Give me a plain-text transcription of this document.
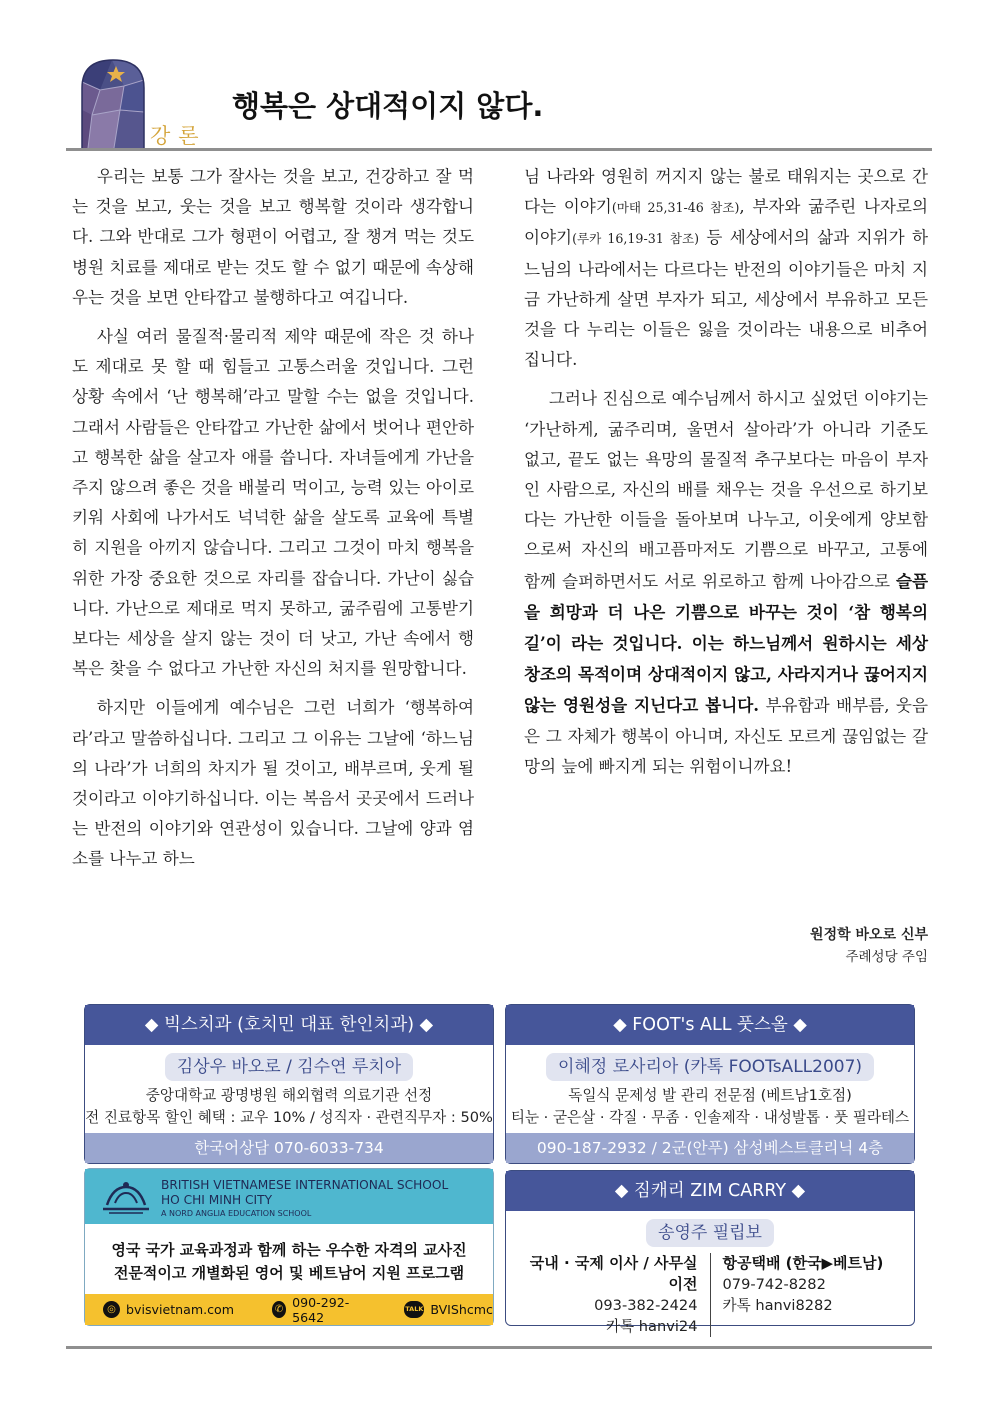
강론
행복은 상대적이지 않다.

우리는 보통 그가 잘사는 것을 보고, 건강하고 잘 먹는 것을 보고, 웃는 것을 보고 행복할 것이라 생각합니다. 그와 반대로 그가 형편이 어렵고, 잘 챙겨 먹는 것도 병원 치료를 제대로 받는 것도 할 수 없기 때문에 속상해 우는 것을 보면 안타깝고 불행하다고 여깁니다.

사실 여러 물질적·물리적 제약 때문에 작은 것 하나도 제대로 못 할 때 힘들고 고통스러울 것입니다. 그런 상황 속에서 ‘난 행복해’라고 말할 수는 없을 것입니다. 그래서 사람들은 안타깝고 가난한 삶에서 벗어나 편안하고 행복한 삶을 살고자 애를 씁니다. 자녀들에게 가난을 주지 않으려 좋은 것을 배불리 먹이고, 능력 있는 아이로 키워 사회에 나가서도 넉넉한 삶을 살도록 교육에 특별히 지원을 아끼지 않습니다. 그리고 그것이 마치 행복을 위한 가장 중요한 것으로 자리를 잡습니다. 가난이 싫습니다. 가난으로 제대로 먹지 못하고, 굶주림에 고통받기보다는 세상을 살지 않는 것이 더 낫고, 가난 속에서 행복은 찾을 수 없다고 가난한 자신의 처지를 원망합니다.

하지만 이들에게 예수님은 그런 너희가 ‘행복하여라’라고 말씀하십니다. 그리고 그 이유는 그날에 ‘하느님의 나라’가 너희의 차지가 될 것이고, 배부르며, 웃게 될 것이라고 이야기하십니다. 이는 복음서 곳곳에서 드러나는 반전의 이야기와 연관성이 있습니다. 그날에 양과 염소를 나누고 하느

님 나라와 영원히 꺼지지 않는 불로 태워지는 곳으로 간다는 이야기(마태 25,31-46 참조), 부자와 굶주린 나자로의 이야기(루카 16,19-31 참조) 등 세상에서의 삶과 지위가 하느님의 나라에서는 다르다는 반전의 이야기들은 마치 지금 가난하게 살면 부자가 되고, 세상에서 부유하고 모든 것을 다 누리는 이들은 잃을 것이라는 내용으로 비추어 집니다.

그러나 진심으로 예수님께서 하시고 싶었던 이야기는 ‘가난하게, 굶주리며, 울면서 살아라’가 아니라 기준도 없고, 끝도 없는 욕망의 물질적 추구보다는 마음이 부자인 사람으로, 자신의 배를 채우는 것을 우선으로 하기보다는 가난한 이들을 돌아보며 나누고, 이웃에게 양보함으로써 자신의 배고픔마저도 기쁨으로 바꾸고, 고통에 함께 슬퍼하면서도 서로 위로하고 함께 나아감으로 슬픔을 희망과 더 나은 기쁨으로 바꾸는 것이 ‘참 행복의 길’이 라는 것입니다. 이는 하느님께서 원하시는 세상 창조의 목적이며 상대적이지 않고, 사라지거나 끊어지지 않는 영원성을 지닌다고 봅니다. 부유함과 배부름, 웃음은 그 자체가 행복이 아니며, 자신도 모르게 끊임없는 갈망의 늪에 빠지게 되는 위험이니까요!

원정학 바오로 신부
주례성당 주임
◆ 빅스치과 (호치민 대표 한인치과) ◆
김상우 바오로 / 김수연 루치아
중앙대학교 광명병원 해외협력 의료기관 선정
전 진료항목 할인 혜택 : 교우 10% / 성직자 · 관련직무자 : 50%
한국어상담 070-6033-734
◆ FOOT's ALL 풋스올 ◆
이혜정 로사리아 (카톡 FOOTsALL2007)
독일식 문제성 발 관리 전문점 (베트남1호점)
티눈 · 굳은살 · 각질 · 무좀 · 인솔제작 · 내성발톱 · 풋 필라테스
090-187-2932 / 2군(안푸) 삼성베스트클리닉 4층
BRITISH VIETNAMESE INTERNATIONAL SCHOOL
HO CHI MINH CITY
A NORD ANGLIA EDUCATION SCHOOL
영국 국가 교육과정과 함께 하는 우수한 자격의 교사진
전문적이고 개별화된 영어 및 베트남어 지원 프로그램
◎ bvisvietnam.com	✆ 090-292-5642
TALK BVIShcmc
◆ 짐캐리 ZIM CARRY ◆
송영주 필립보
국내 · 국제 이사 / 사무실 이전
093-382-2424
카톡 hanvi24
항공택배 (한국▶베트남)
079-742-8282
카톡 hanvi8282
